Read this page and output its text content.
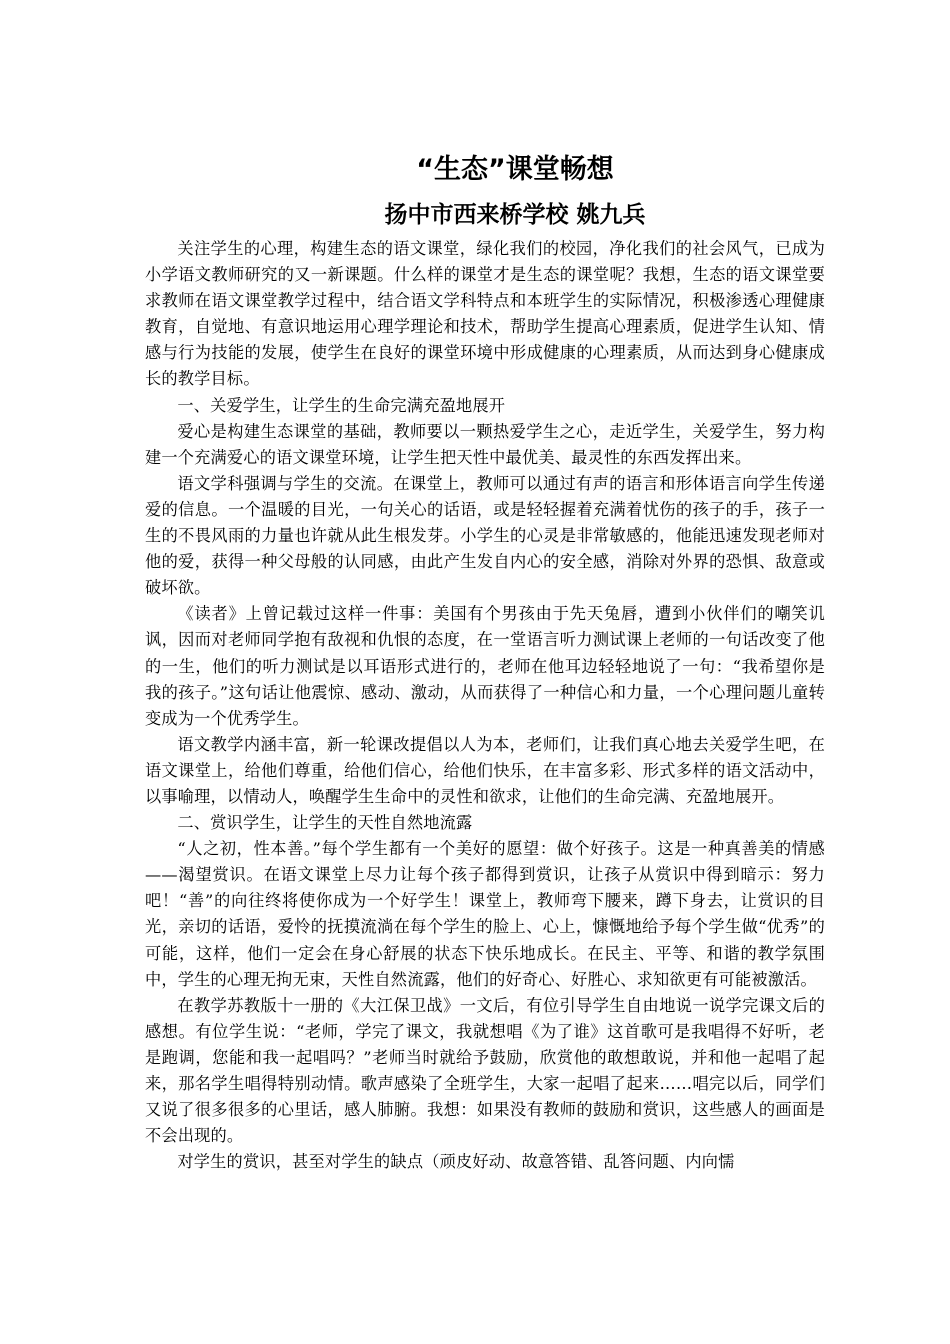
“生态”课堂畅想
扬中市西来桥学校 姚九兵

关注学生的心理，构建生态的语文课堂，绿化我们的校园，净化我们的社会风气，已成为小学语文教师研究的又一新课题。什么样的课堂才是生态的课堂呢？我想，生态的语文课堂要求教师在语文课堂教学过程中，结合语文学科特点和本班学生的实际情况，积极渗透心理健康教育，自觉地、有意识地运用心理学理论和技术，帮助学生提高心理素质，促进学生认知、情感与行为技能的发展，使学生在良好的课堂环境中形成健康的心理素质，从而达到身心健康成长的教学目标。

一、关爱学生，让学生的生命完满充盈地展开

爱心是构建生态课堂的基础，教师要以一颗热爱学生之心，走近学生，关爱学生，努力构建一个充满爱心的语文课堂环境，让学生把天性中最优美、最灵性的东西发挥出来。

语文学科强调与学生的交流。在课堂上，教师可以通过有声的语言和形体语言向学生传递爱的信息。一个温暖的目光，一句关心的话语，或是轻轻握着充满着忧伤的孩子的手，孩子一生的不畏风雨的力量也许就从此生根发芽。小学生的心灵是非常敏感的，他能迅速发现老师对他的爱，获得一种父母般的认同感，由此产生发自内心的安全感，消除对外界的恐惧、敌意或破坏欲。

《读者》上曾记载过这样一件事：美国有个男孩由于先天兔唇，遭到小伙伴们的嘲笑讥讽，因而对老师同学抱有敌视和仇恨的态度，在一堂语言听力测试课上老师的一句话改变了他的一生，他们的听力测试是以耳语形式进行的，老师在他耳边轻轻地说了一句：“我希望你是我的孩子。”这句话让他震惊、感动、激动，从而获得了一种信心和力量，一个心理问题儿童转变成为一个优秀学生。

语文教学内涵丰富，新一轮课改提倡以人为本，老师们，让我们真心地去关爱学生吧，在语文课堂上，给他们尊重，给他们信心，给他们快乐，在丰富多彩、形式多样的语文活动中，以事喻理，以情动人，唤醒学生生命中的灵性和欲求，让他们的生命完满、充盈地展开。

二、赏识学生，让学生的天性自然地流露

“人之初，性本善。”每个学生都有一个美好的愿望：做个好孩子。这是一种真善美的情感——渴望赏识。在语文课堂上尽力让每个孩子都得到赏识，让孩子从赏识中得到暗示：努力吧！“善”的向往终将使你成为一个好学生！课堂上，教师弯下腰来，蹲下身去，让赏识的目光，亲切的话语，爱怜的抚摸流淌在每个学生的脸上、心上，慷慨地给予每个学生做“优秀”的可能，这样，他们一定会在身心舒展的状态下快乐地成长。在民主、平等、和谐的教学氛围中，学生的心理无拘无束，天性自然流露，他们的好奇心、好胜心、求知欲更有可能被激活。

在教学苏教版十一册的《大江保卫战》一文后，有位引导学生自由地说一说学完课文后的感想。有位学生说：“老师，学完了课文，我就想唱《为了谁》这首歌可是我唱得不好听，老是跑调，您能和我一起唱吗？”老师当时就给予鼓励，欣赏他的敢想敢说，并和他一起唱了起来，那名学生唱得特别动情。歌声感染了全班学生，大家一起唱了起来……唱完以后，同学们又说了很多很多的心里话，感人肺腑。我想：如果没有教师的鼓励和赏识，这些感人的画面是不会出现的。

对学生的赏识，甚至对学生的缺点（顽皮好动、故意答错、乱答问题、内向懦
